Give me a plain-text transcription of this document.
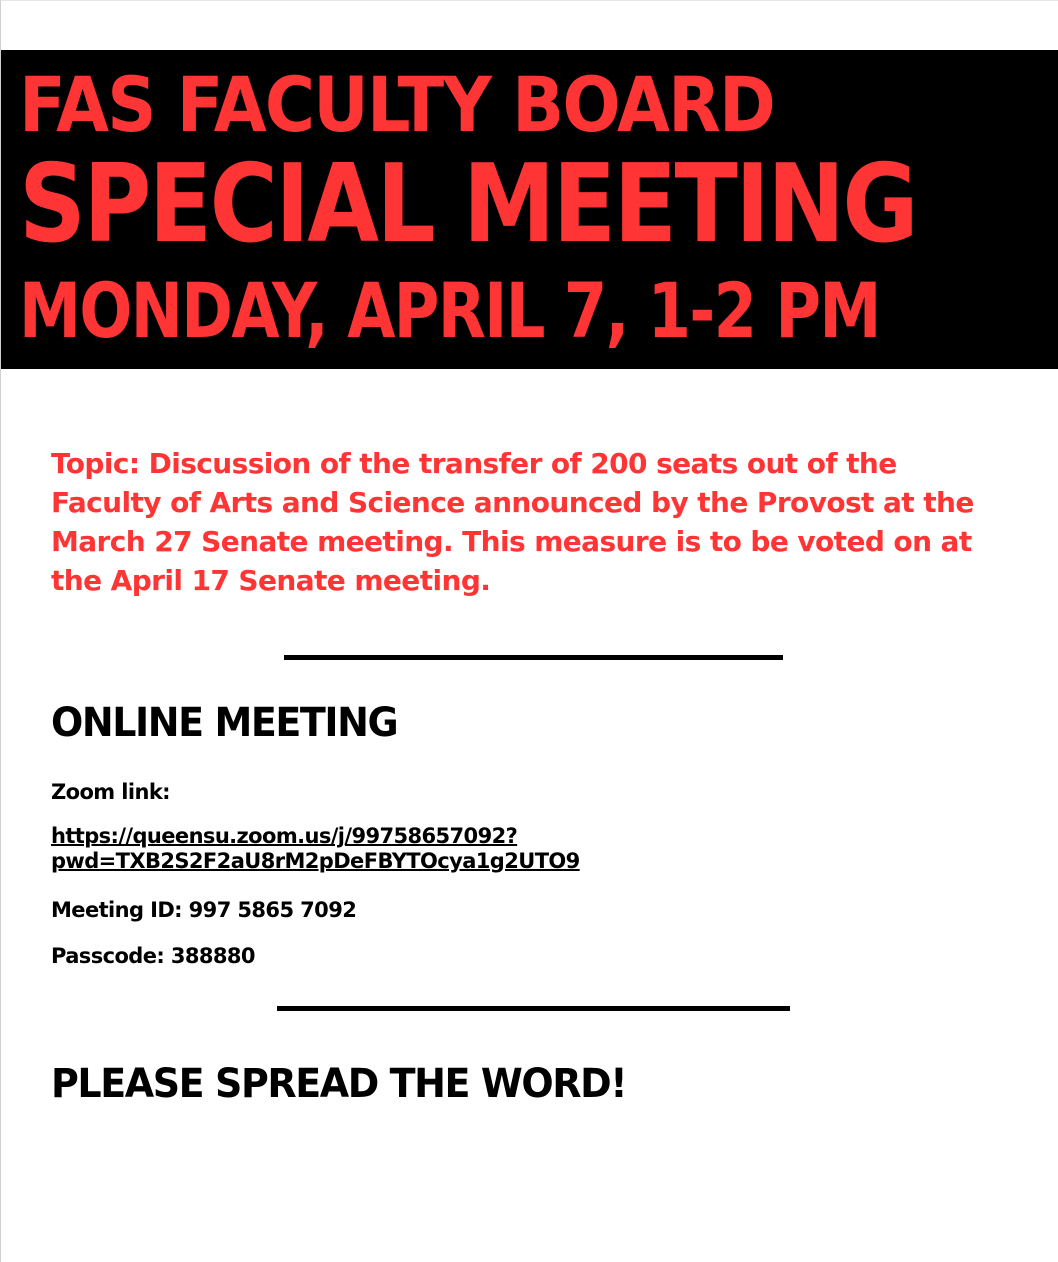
FAS FACULTY BOARD
SPECIAL MEETING
MONDAY, APRIL 7, 1-2 PM

Topic: Discussion of the transfer of 200 seats out of the Faculty of Arts and Science announced by the Provost at the March 27 Senate meeting. This measure is to be voted on at the April 17 Senate meeting.

ONLINE MEETING

Zoom link:

https://queensu.zoom.us/j/99758657092?
pwd=TXB2S2F2aU8rM2pDeFBYTOcya1g2UTO9

Meeting ID: 997 5865 7092

Passcode: 388880

PLEASE SPREAD THE WORD!
